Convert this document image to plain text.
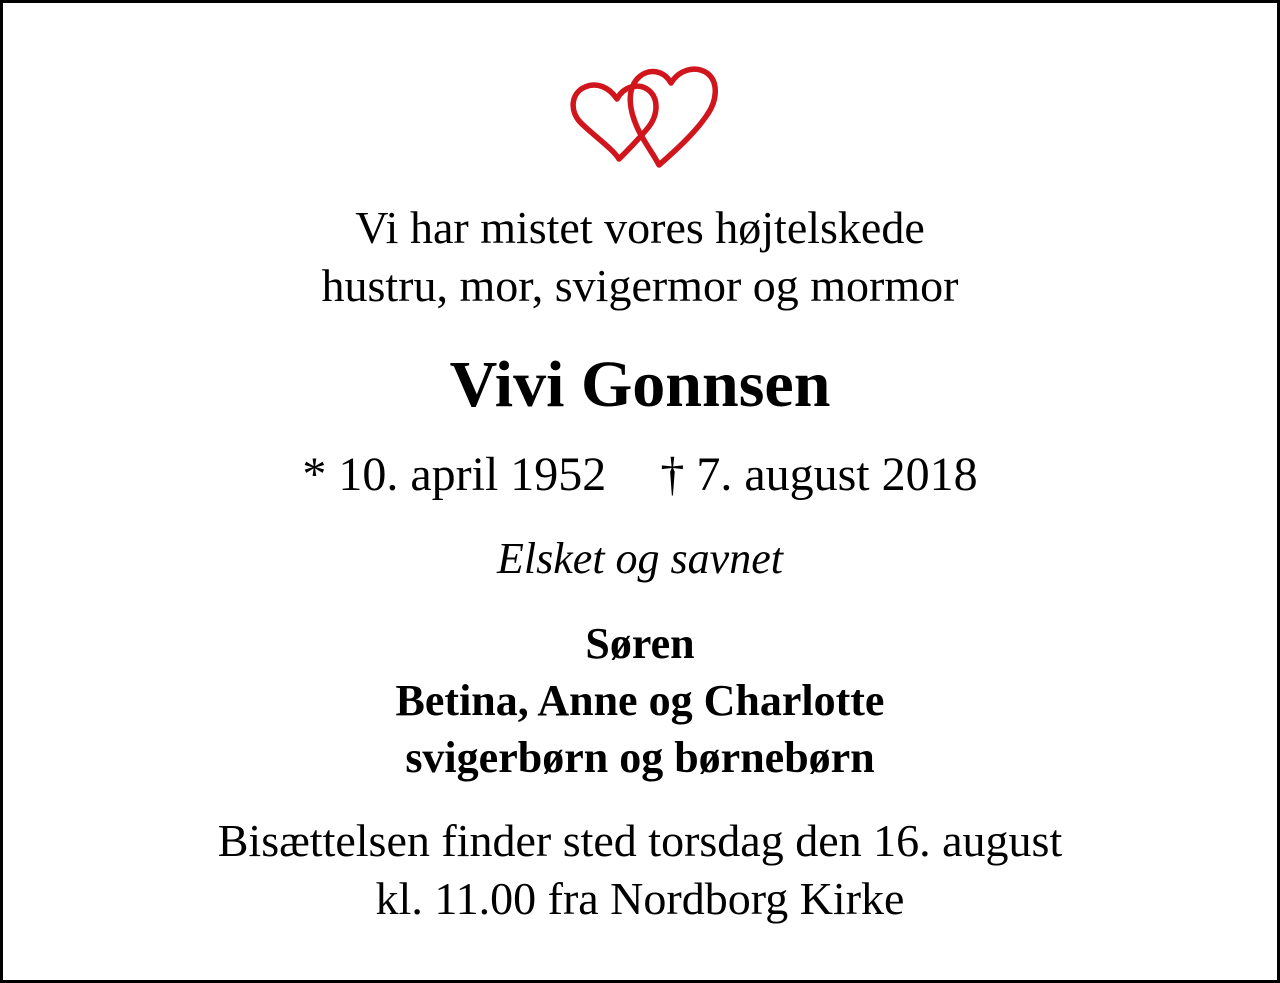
Vi har mistet vores højtelskede
hustru, mor, svigermor og mormor
Vivi Gonnsen
* 10. april 1952 † 7. august 2018
Elsket og savnet
Søren
Betina, Anne og Charlotte
svigerbørn og børnebørn
Bisættelsen finder sted torsdag den 16. august
kl. 11.00 fra Nordborg Kirke
